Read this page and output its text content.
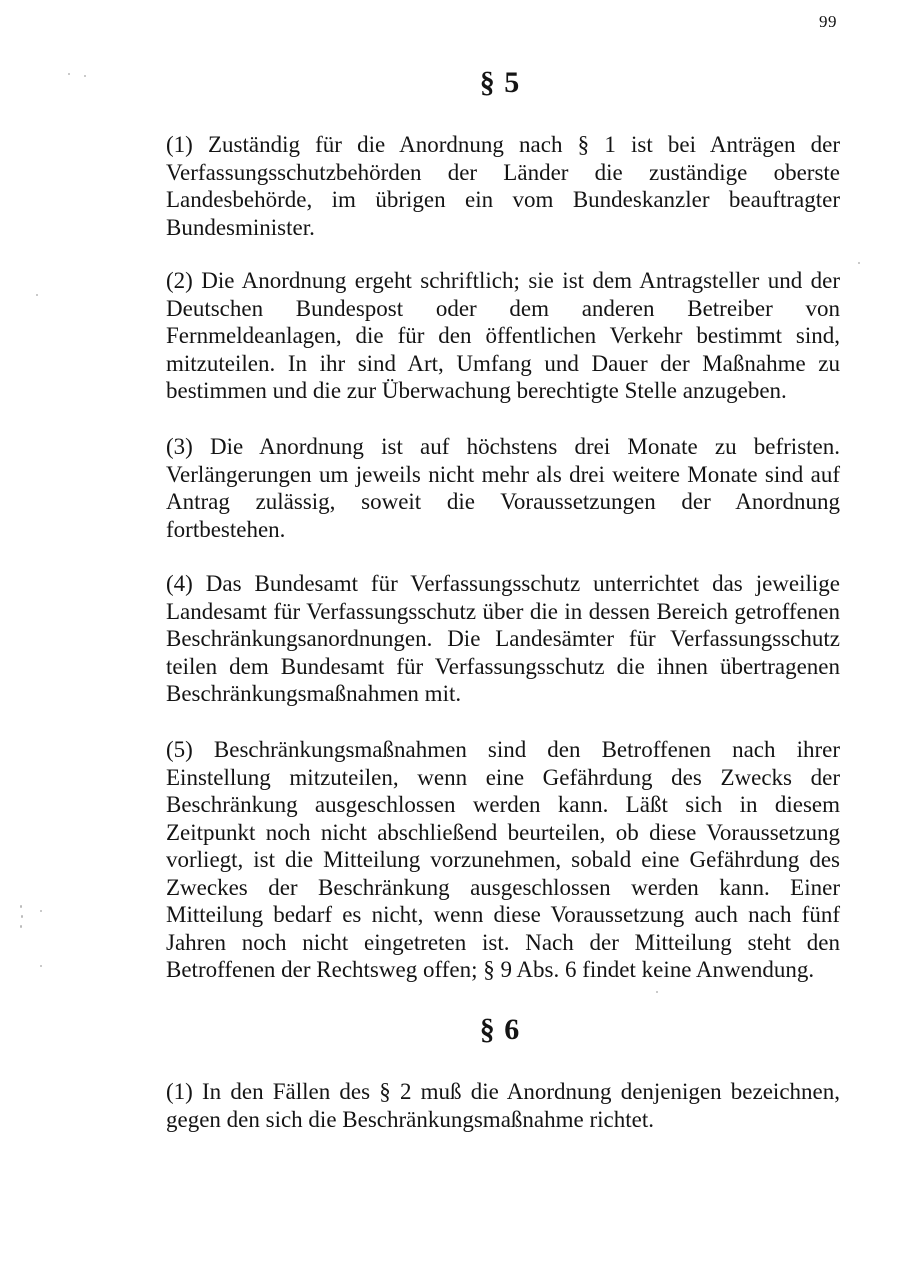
99
§ 5

(1) Zuständig für die Anordnung nach § 1 ist bei Anträgen der Verfassungsschutzbehörden der Länder die zuständige oberste Landesbehörde, im übrigen ein vom Bundeskanzler beauftragter Bundesminister.

(2) Die Anordnung ergeht schriftlich; sie ist dem Antragsteller und der Deutschen Bundespost oder dem anderen Betreiber von Fernmeldeanlagen, die für den öffentlichen Verkehr bestimmt sind, mitzuteilen. In ihr sind Art, Umfang und Dauer der Maßnahme zu bestimmen und die zur Überwachung berechtigte Stelle anzugeben.

(3) Die Anordnung ist auf höchstens drei Monate zu befristen. Verlängerungen um jeweils nicht mehr als drei weitere Monate sind auf Antrag zulässig, soweit die Voraussetzungen der Anordnung fortbestehen.

(4) Das Bundesamt für Verfassungsschutz unterrichtet das jeweilige Landesamt für Verfassungsschutz über die in dessen Bereich getroffenen Beschränkungsanordnungen. Die Landesämter für Verfassungsschutz teilen dem Bundesamt für Verfassungsschutz die ihnen übertragenen Beschränkungsmaßnahmen mit.

(5) Beschränkungsmaßnahmen sind den Betroffenen nach ihrer Einstellung mitzuteilen, wenn eine Gefährdung des Zwecks der Beschränkung ausgeschlossen werden kann. Läßt sich in diesem Zeitpunkt noch nicht abschließend beurteilen, ob diese Voraussetzung vorliegt, ist die Mitteilung vorzunehmen, sobald eine Gefährdung des Zweckes der Beschränkung ausgeschlossen werden kann. Einer Mitteilung bedarf es nicht, wenn diese Voraussetzung auch nach fünf Jahren noch nicht eingetreten ist. Nach der Mitteilung steht den Betroffenen der Rechtsweg offen; § 9 Abs. 6 findet keine Anwendung.

§ 6

(1) In den Fällen des § 2 muß die Anordnung denjenigen bezeichnen, gegen den sich die Beschränkungsmaßnahme richtet.
